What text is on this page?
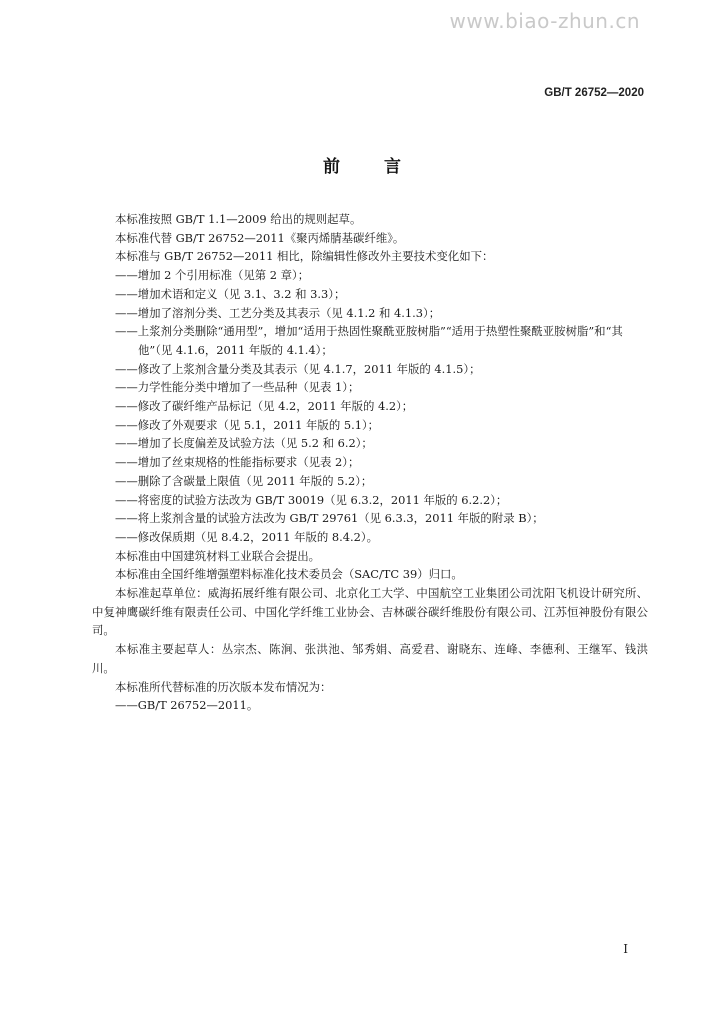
www.biao-zhun.cn
GB/T 26752—2020
前言

本标准按照 GB/T 1.1—2009 给出的规则起草。

本标准代替 GB/T 26752—2011《聚丙烯腈基碳纤维》。

本标准与 GB/T 26752—2011 相比，除编辑性修改外主要技术变化如下：

——增加 2 个引用标准（见第 2 章）；

——增加术语和定义（见 3.1、3.2 和 3.3）；

——增加了溶剂分类、工艺分类及其表示（见 4.1.2 和 4.1.3）；

——上浆剂分类删除“通用型”，增加“适用于热固性聚酰亚胺树脂”“适用于热塑性聚酰亚胺树脂”和“其他”（见 4.1.6，2011 年版的 4.1.4）；

——修改了上浆剂含量分类及其表示（见 4.1.7，2011 年版的 4.1.5）；

——力学性能分类中增加了一些品种（见表 1）；

——修改了碳纤维产品标记（见 4.2，2011 年版的 4.2）；

——修改了外观要求（见 5.1，2011 年版的 5.1）；

——增加了长度偏差及试验方法（见 5.2 和 6.2）；

——增加了丝束规格的性能指标要求（见表 2）；

——删除了含碳量上限值（见 2011 年版的 5.2）；

——将密度的试验方法改为 GB/T 30019（见 6.3.2，2011 年版的 6.2.2）；

——将上浆剂含量的试验方法改为 GB/T 29761（见 6.3.3，2011 年版的附录 B）；

——修改保质期（见 8.4.2，2011 年版的 8.4.2）。

本标准由中国建筑材料工业联合会提出。

本标准由全国纤维增强塑料标准化技术委员会（SAC/TC 39）归口。

本标准起草单位：威海拓展纤维有限公司、北京化工大学、中国航空工业集团公司沈阳飞机设计研究所、中复神鹰碳纤维有限责任公司、中国化学纤维工业协会、吉林碳谷碳纤维股份有限公司、江苏恒神股份有限公司。

本标准主要起草人：丛宗杰、陈涧、张洪池、邹秀娟、高爱君、谢晓东、连峰、李德利、王继军、钱洪川。

本标准所代替标准的历次版本发布情况为：

——GB/T 26752—2011。

I
